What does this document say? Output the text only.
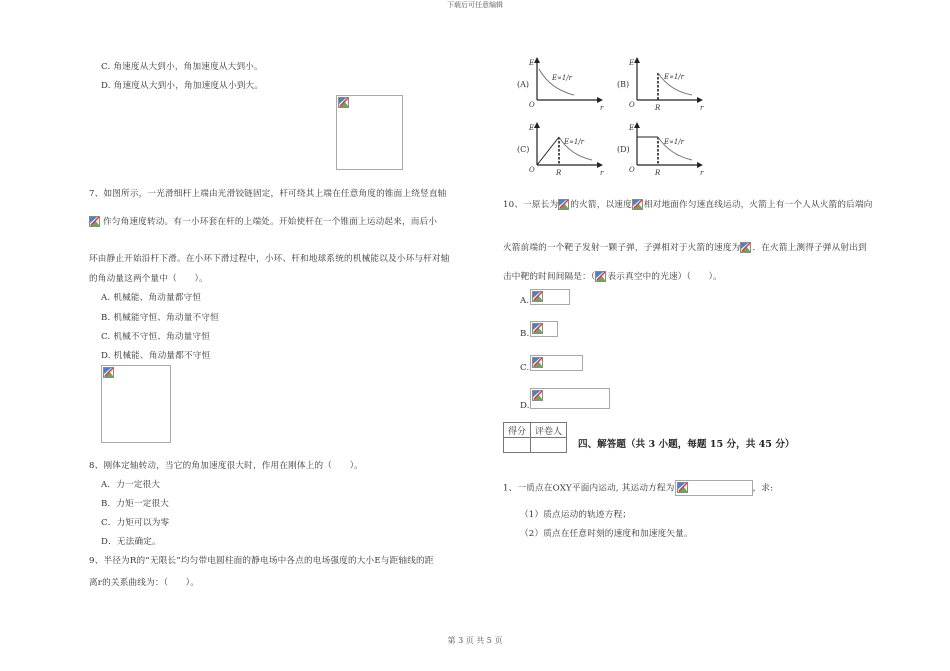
下载后可任意编辑
第 3 页 共 5 页
C. 角速度从大到小，角加速度从大到小。
D. 角速度从大到小，角加速度从小到大。
7、如图所示，一光滑细杆上端由光滑铰链固定，杆可绕其上端在任意角度的锥面上绕竖直轴
作匀角速度转动。有一小环套在杆的上端处。开始使杆在一个锥面上运动起来，而后小
环由静止开始沿杆下滑。在小环下滑过程中，小环、杆和地球系统的机械能以及小环与杆对轴
的角动量这两个量中（　　）。
A. 机械能、角动量都守恒
B. 机械能守恒、角动量不守恒
C. 机械不守恒、角动量守恒
D. 机械能、角动量都不守恒
8、刚体定轴转动，当它的角加速度很大时，作用在刚体上的（　　）。
A．力一定很大
B．力矩一定很大
C．力矩可以为零
D．无法确定。
9、半径为R的“无限长”均匀带电圆柱面的静电场中各点的电场强度的大小E与距轴线的距
离r的关系曲线为：（　　）。
E
r
O
E∝1/r
(A)
E
r
O	R
E∝1/r
(B)
E
r
O	R
E∝1/r
(C)
E
r
O	R
E∝1/r
(D)
10、一原长为 的火箭，以速度 相对地面作匀速直线运动，火箭上有一个人从火箭的后端向
火箭前端的一个靶子发射一颗子弹，子弹相对于火箭的速度为 ．在火箭上测得子弹从射出到
击中靶的时间间隔是：（ 表示真空中的光速）（　　）。
A.
B.
C.
D.
得分	评卷人

四、解答题（共 3 小题，每题 15 分，共 45 分）
1、一质点在OXY平面内运动, 其运动方程为	，求:
（1）质点运动的轨迹方程；
（2）质点在任意时刻的速度和加速度矢量。
